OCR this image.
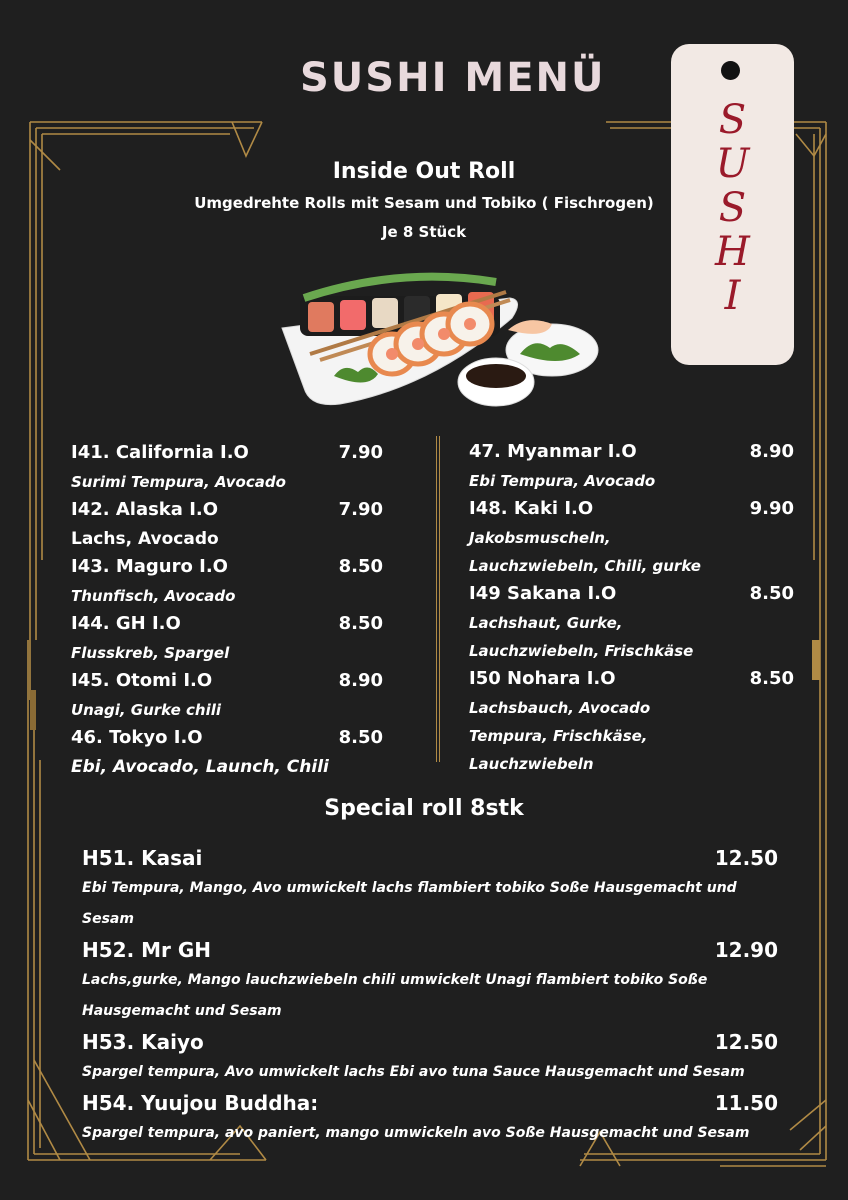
SUSHI MENÜ
S
U
S
H
I
Inside Out Roll
Umgedrehte Rolls mit Sesam und Tobiko ( Fischrogen)
Je 8 Stück
I41. California I.O	7.90
Surimi Tempura, Avocado
I42. Alaska I.O	7.90
Lachs, Avocado
I43. Maguro I.O	8.50
Thunfisch, Avocado
I44. GH I.O	8.50
Flusskreb, Spargel
I45. Otomi I.O	8.90
Unagi, Gurke chili
46. Tokyo I.O	8.50
Ebi, Avocado, Launch, Chili
47. Myanmar I.O	8.90
Ebi Tempura, Avocado
I48. Kaki I.O	9.90
Jakobsmuscheln, Lauchzwiebeln, Chili, gurke
I49 Sakana I.O	8.50
Lachshaut, Gurke, Lauchzwiebeln, Frischkäse
I50 Nohara I.O	8.50
Lachsbauch, Avocado Tempura, Frischkäse, Lauchzwiebeln
Special roll 8stk
H51. Kasai	12.50
Ebi Tempura, Mango, Avo umwickelt lachs flambiert tobiko Soße Hausgemacht und Sesam
H52. Mr GH	12.90
Lachs,gurke, Mango lauchzwiebeln chili umwickelt Unagi flambiert tobiko Soße Hausgemacht und Sesam
H53. Kaiyo	12.50
Spargel tempura, Avo umwickelt lachs Ebi avo tuna Sauce Hausgemacht und Sesam
H54. Yuujou Buddha:	11.50
Spargel tempura, avo paniert, mango umwickeln avo Soße Hausgemacht und Sesam
